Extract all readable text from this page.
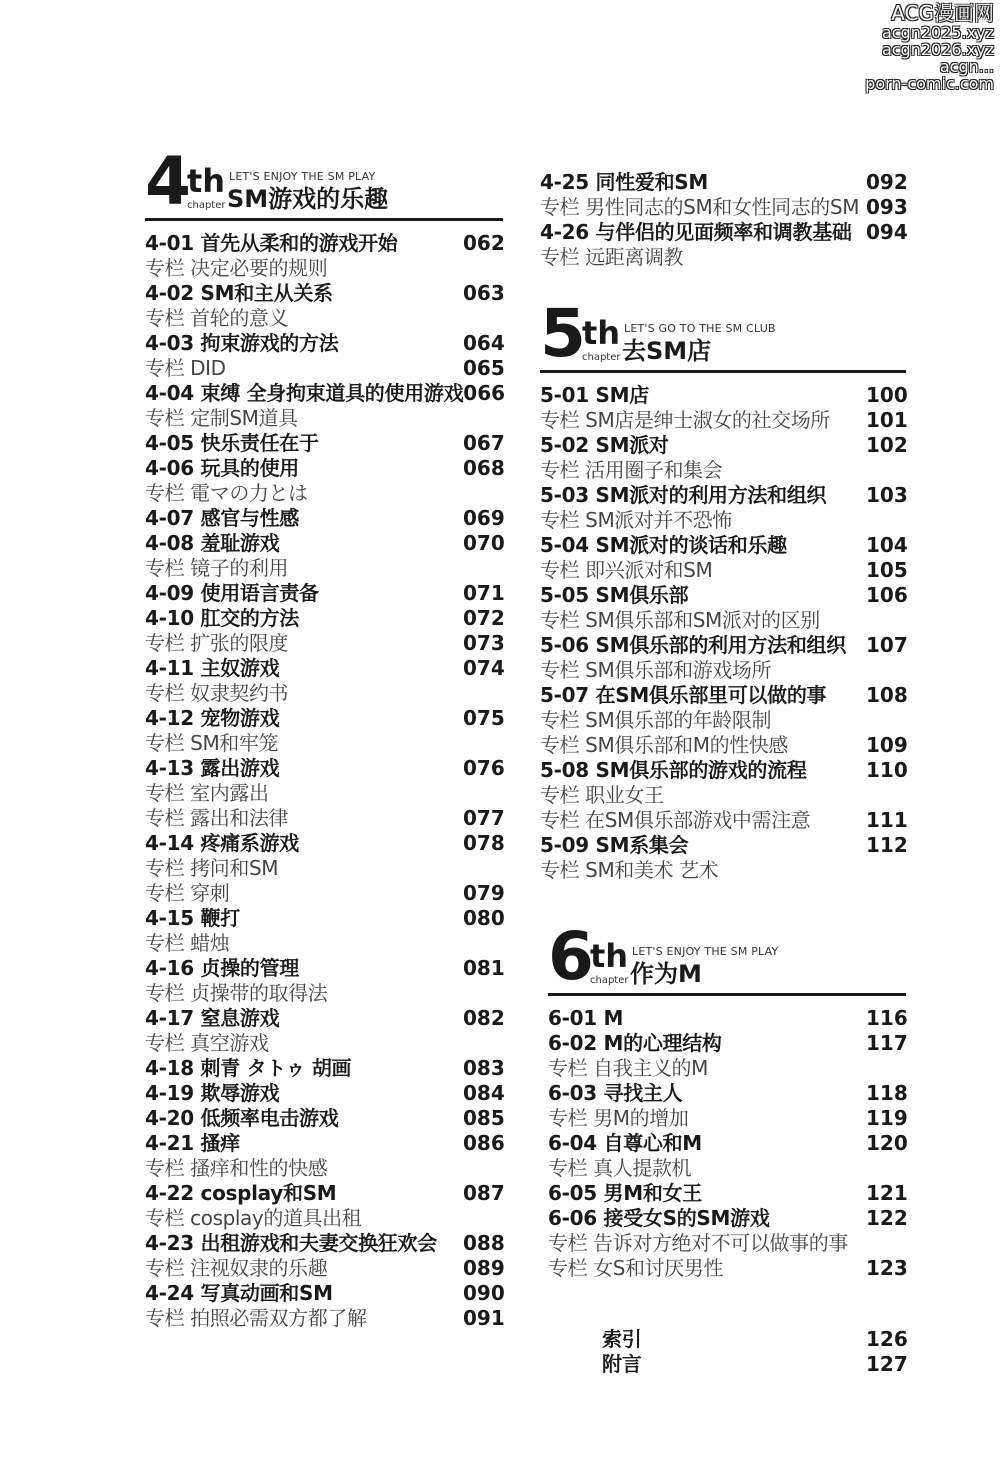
ACG漫画网
acgn2025.xyz
acgn2026.xyz
acgn...
porn-comic.com
4 th
chapter
LET'S ENJOY THE SM PLAY
SM游戏的乐趣
4-01 首先从柔和的游戏开始	062
专栏 决定必要的规则
4-02 SM和主从关系	063
专栏 首轮的意义
4-03 拘束游戏的方法	064
专栏 DID	065
4-04 束缚 全身拘束道具的使用游戏 066
专栏 定制SM道具
4-05 快乐责任在于	067
4-06 玩具的使用	068
专栏 電マの力とは
4-07 感官与性感	069
4-08 羞耻游戏	070
专栏 镜子的利用
4-09 使用语言责备	071
4-10 肛交的方法	072
专栏 扩张的限度	073
4-11 主奴游戏	074
专栏 奴隶契约书
4-12 宠物游戏	075
专栏 SM和牢笼
4-13 露出游戏	076
专栏 室内露出
专栏 露出和法律	077
4-14 疼痛系游戏	078
专栏 拷问和SM
专栏 穿刺	079
4-15 鞭打	080
专栏 蜡烛
4-16 贞操的管理	081
专栏 贞操带的取得法
4-17 窒息游戏	082
专栏 真空游戏
4-18 刺青 タトゥ 胡画	083
4-19 欺辱游戏	084
4-20 低频率电击游戏	085
4-21 搔痒	086
专栏 搔痒和性的快感
4-22 cosplay和SM	087
专栏 cosplay的道具出租
4-23 出租游戏和夫妻交换狂欢会 088
专栏 注视奴隶的乐趣	089
4-24 写真动画和SM	090
专栏 拍照必需双方都了解	091
4-25 同性爱和SM	092
专栏 男性同志的SM和女性同志的SM 093
4-26 与伴侣的见面频率和调教基础 094
专栏 远距离调教
5 th
chapter
LET'S GO TO THE SM CLUB
去SM店
5-01 SM店	100
专栏 SM店是绅士淑女的社交场所 101
5-02 SM派对	102
专栏 活用圈子和集会
5-03 SM派对的利用方法和组织 103
专栏 SM派对并不恐怖
5-04 SM派对的谈话和乐趣	104
专栏 即兴派对和SM	105
5-05 SM俱乐部	106
专栏 SM俱乐部和SM派对的区别
5-06 SM俱乐部的利用方法和组织 107
专栏 SM俱乐部和游戏场所
5-07 在SM俱乐部里可以做的事 108
专栏 SM俱乐部的年龄限制
专栏 SM俱乐部和M的性快感	109
5-08 SM俱乐部的游戏的流程	110
专栏 职业女王
专栏 在SM俱乐部游戏中需注意	111
5-09 SM系集会	112
专栏 SM和美术 艺术
6 th
chapter
LET'S ENJOY THE SM PLAY
作为M
6-01 M	116
6-02 M的心理结构	117
专栏 自我主义的M
6-03 寻找主人	118
专栏 男M的增加	119
6-04 自尊心和M	120
专栏 真人提款机
6-05 男M和女王	121
6-06 接受女S的SM游戏	122
专栏 告诉对方绝对不可以做事的事
专栏 女S和讨厌男性	123
索引	126
附言	127
